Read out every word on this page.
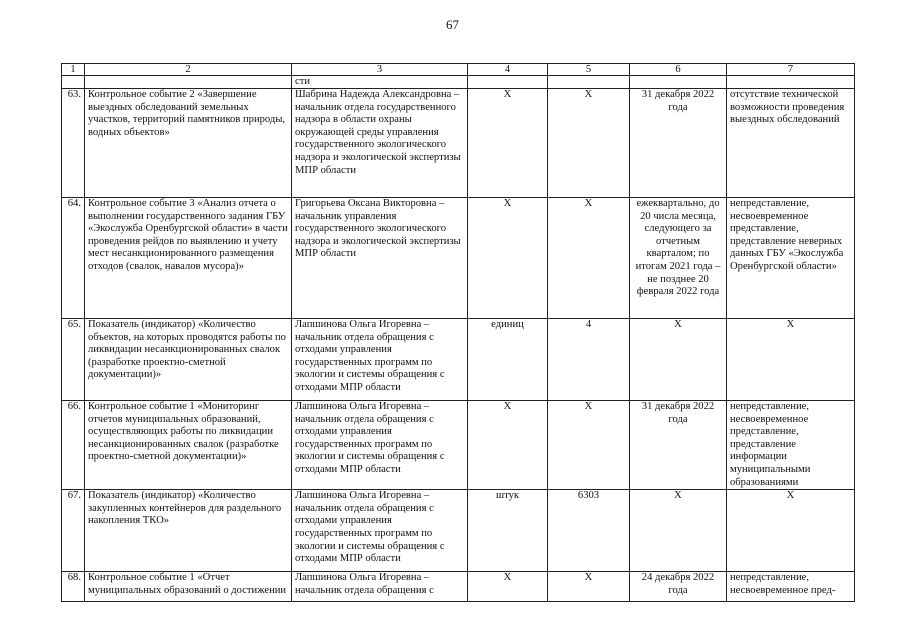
67
1	2	3	4	5	6	7
		сти				
63.	Контрольное событие 2 «Завершение выездных обследований земельных участков, территорий памятников природы, водных объектов»	Шабрина Надежда Александровна – начальник отдела государственного надзора в области охраны окружающей среды управления государственного экологического надзора и экологической экспертизы МПР области	Х	Х	31 декабря 2022 года	отсутствие технической возможности проведения выездных обследований
64.	Контрольное событие 3 «Анализ отчета о выполнении государственного задания ГБУ «Экослужба Оренбургской области» в части проведения рейдов по выявлению и учету мест несанкционированного размещения отходов (свалок, навалов мусора)»	Григорьева Оксана Викторовна – начальник управления государственного экологического надзора и экологической экспертизы МПР области	Х	Х	ежеквартально, до 20 числа месяца, следующего за отчетным кварталом; по итогам 2021 года – не позднее 20 февраля 2022 года	непредставление, несвоевременное представление, представление неверных данных ГБУ «Экослужба Оренбургской области»
65.	Показатель (индикатор) «Количество объектов, на которых проводятся работы по ликвидации несанкционированных свалок (разработке проектно-сметной документации)»	Лапшинова Ольга Игоревна – начальник отдела обращения с отходами управления государственных программ по экологии и системы обращения с отходами МПР области	единиц	4	Х	Х
66.	Контрольное событие 1 «Мониторинг отчетов муниципальных образований, осуществляющих работы по ликвидации несанкционированных свалок (разработке проектно-сметной документации)»	Лапшинова Ольга Игоревна – начальник отдела обращения с отходами управления государственных программ по экологии и системы обращения с отходами МПР области	Х	Х	31 декабря 2022 года	непредставление, несвоевременное представление, представление информации муниципальными образованиями
67.	Показатель (индикатор) «Количество закупленных контейнеров для раздельного накопления ТКО»	Лапшинова Ольга Игоревна – начальник отдела обращения с отходами управления государственных программ по экологии и системы обращения с отходами МПР области	штук	6303	Х	Х
68.	Контрольное событие 1 «Отчет муниципальных образований о достижении	Лапшинова Ольга Игоревна – начальник отдела обращения с	Х	Х	24 декабря 2022 года	непредставление, несвоевременное пред-
